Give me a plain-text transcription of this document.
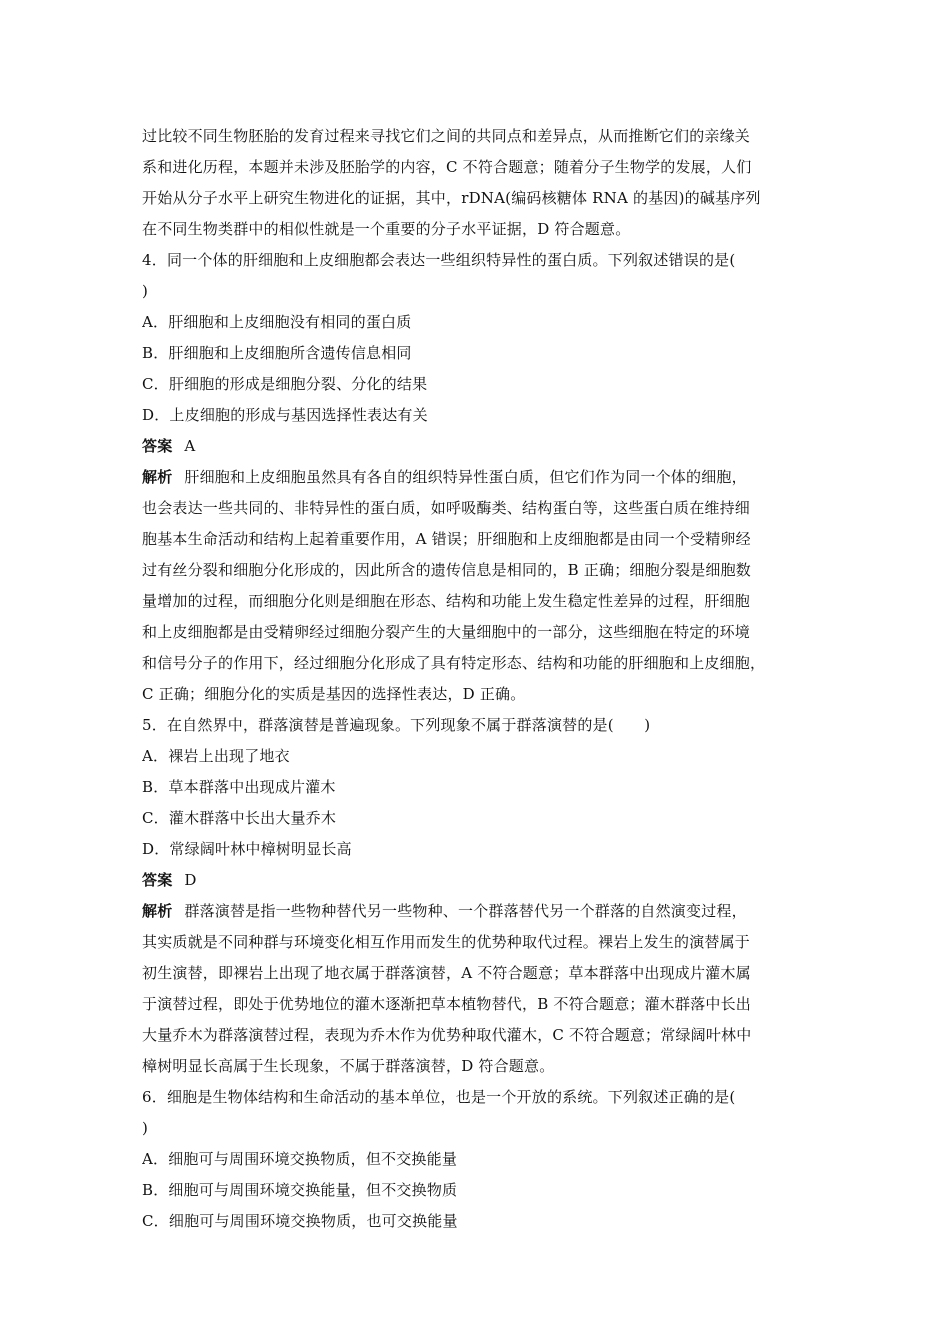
过比较不同生物胚胎的发育过程来寻找它们之间的共同点和差异点，从而推断它们的亲缘关
系和进化历程，本题并未涉及胚胎学的内容，C 不符合题意；随着分子生物学的发展，人们
开始从分子水平上研究生物进化的证据，其中，rDNA(编码核糖体 RNA 的基因)的碱基序列
在不同生物类群中的相似性就是一个重要的分子水平证据，D 符合题意。
4．同一个体的肝细胞和上皮细胞都会表达一些组织特异性的蛋白质。下列叙述错误的是(
)
A．肝细胞和上皮细胞没有相同的蛋白质
B．肝细胞和上皮细胞所含遗传信息相同
C．肝细胞的形成是细胞分裂、分化的结果
D．上皮细胞的形成与基因选择性表达有关
答案 A
解析 肝细胞和上皮细胞虽然具有各自的组织特异性蛋白质，但它们作为同一个体的细胞，
也会表达一些共同的、非特异性的蛋白质，如呼吸酶类、结构蛋白等，这些蛋白质在维持细
胞基本生命活动和结构上起着重要作用，A 错误；肝细胞和上皮细胞都是由同一个受精卵经
过有丝分裂和细胞分化形成的，因此所含的遗传信息是相同的，B 正确；细胞分裂是细胞数
量增加的过程，而细胞分化则是细胞在形态、结构和功能上发生稳定性差异的过程，肝细胞
和上皮细胞都是由受精卵经过细胞分裂产生的大量细胞中的一部分，这些细胞在特定的环境
和信号分子的作用下，经过细胞分化形成了具有特定形态、结构和功能的肝细胞和上皮细胞，
C 正确；细胞分化的实质是基因的选择性表达，D 正确。
5．在自然界中，群落演替是普遍现象。下列现象不属于群落演替的是(　　)
A．裸岩上出现了地衣
B．草本群落中出现成片灌木
C．灌木群落中长出大量乔木
D．常绿阔叶林中樟树明显长高
答案 D
解析 群落演替是指一些物种替代另一些物种、一个群落替代另一个群落的自然演变过程，
其实质就是不同种群与环境变化相互作用而发生的优势种取代过程。裸岩上发生的演替属于
初生演替，即裸岩上出现了地衣属于群落演替，A 不符合题意；草本群落中出现成片灌木属
于演替过程，即处于优势地位的灌木逐渐把草本植物替代，B 不符合题意；灌木群落中长出
大量乔木为群落演替过程，表现为乔木作为优势种取代灌木，C 不符合题意；常绿阔叶林中
樟树明显长高属于生长现象，不属于群落演替，D 符合题意。
6．细胞是生物体结构和生命活动的基本单位，也是一个开放的系统。下列叙述正确的是(
)
A．细胞可与周围环境交换物质，但不交换能量
B．细胞可与周围环境交换能量，但不交换物质
C．细胞可与周围环境交换物质，也可交换能量
